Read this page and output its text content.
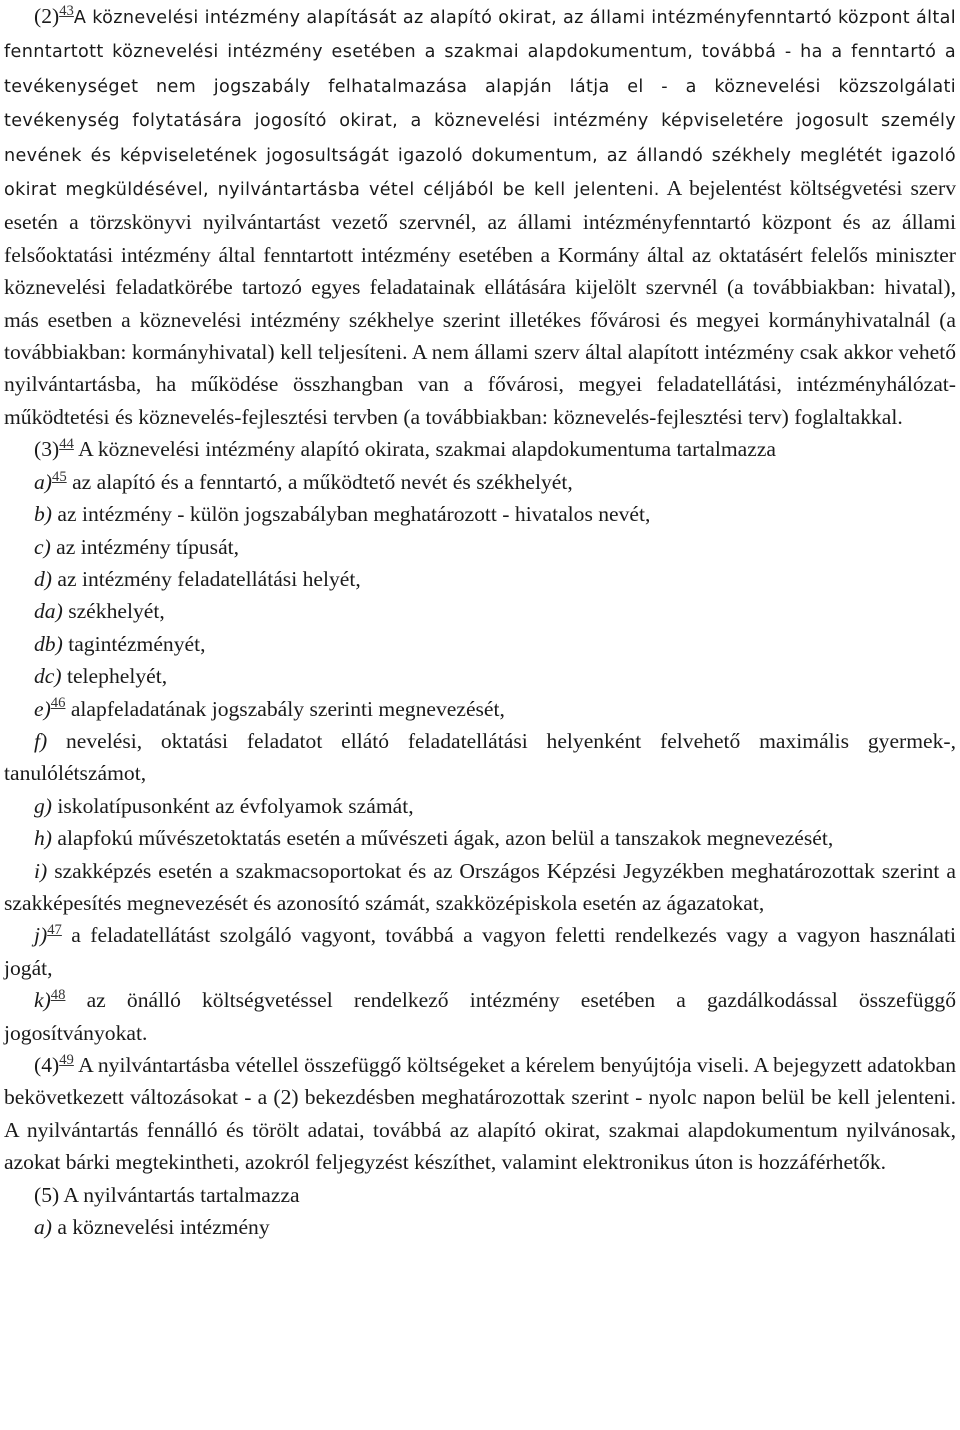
(2)43A köznevelési intézmény alapítását az alapító okirat, az állami intézményfenntartó központ által fenntartott köznevelési intézmény esetében a szakmai alapdokumentum, továbbá - ha a fenntartó a tevékenységet nem jogszabály felhatalmazása alapján látja el - a köznevelési közszolgálati tevékenység folytatására jogosító okirat, a köznevelési intézmény képviseletére jogosult személy nevének és képviseletének jogosultságát igazoló dokumentum, az állandó székhely meglétét igazoló okirat megküldésével, nyilvántartásba vétel céljából be kell jelenteni. A bejelentést költségvetési szerv esetén a törzskönyvi nyilvántartást vezető szervnél, az állami intézményfenntartó központ és az állami felsőoktatási intézmény által fenntartott intézmény esetében a Kormány által az oktatásért felelős miniszter köznevelési feladatkörébe tartozó egyes feladatainak ellátására kijelölt szervnél (a továbbiakban: hivatal), más esetben a köznevelési intézmény székhelye szerint illetékes fővárosi és megyei kormányhivatalnál (a továbbiakban: kormányhivatal) kell teljesíteni. A nem állami szerv által alapított intézmény csak akkor vehető nyilvántartásba, ha működése összhangban van a fővárosi, megyei feladatellátási, intézményhálózat-működtetési és köznevelés-fejlesztési tervben (a továbbiakban: köznevelés-fejlesztési terv) foglaltakkal.

(3)44 A köznevelési intézmény alapító okirata, szakmai alapdokumentuma tartalmazza

a)45 az alapító és a fenntartó, a működtető nevét és székhelyét,

b) az intézmény - külön jogszabályban meghatározott - hivatalos nevét,

c) az intézmény típusát,

d) az intézmény feladatellátási helyét,

da) székhelyét,

db) tagintézményét,

dc) telephelyét,

e)46 alapfeladatának jogszabály szerinti megnevezését,

f) nevelési, oktatási feladatot ellátó feladatellátási helyenként felvehető maximális gyermek-, tanulólétszámot,

g) iskolatípusonként az évfolyamok számát,

h) alapfokú művészetoktatás esetén a művészeti ágak, azon belül a tanszakok megnevezését,

i) szakképzés esetén a szakmacsoportokat és az Országos Képzési Jegyzékben meghatározottak szerint a szakképesítés megnevezését és azonosító számát, szakközépiskola esetén az ágazatokat,

j)47 a feladatellátást szolgáló vagyont, továbbá a vagyon feletti rendelkezés vagy a vagyon használati jogát,

k)48 az önálló költségvetéssel rendelkező intézmény esetében a gazdálkodással összefüggő jogosítványokat.

(4)49 A nyilvántartásba vétellel összefüggő költségeket a kérelem benyújtója viseli. A bejegyzett adatokban bekövetkezett változásokat - a (2) bekezdésben meghatározottak szerint - nyolc napon belül be kell jelenteni. A nyilvántartás fennálló és törölt adatai, továbbá az alapító okirat, szakmai alapdokumentum nyilvánosak, azokat bárki megtekintheti, azokról feljegyzést készíthet, valamint elektronikus úton is hozzáférhetők.

(5) A nyilvántartás tartalmazza

a) a köznevelési intézmény
